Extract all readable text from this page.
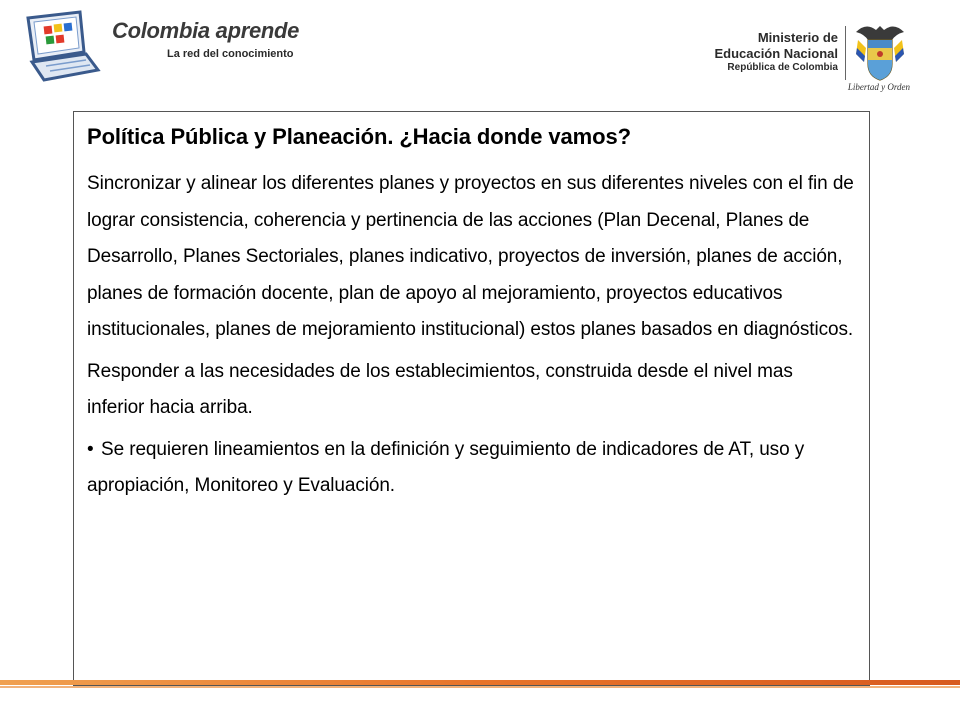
Colombia aprende
La red del conocimiento
Ministerio de
Educación Nacional
República de Colombia
Libertad y Orden
Política Pública y Planeación. ¿Hacia donde vamos?

Sincronizar y alinear los diferentes planes y proyectos en sus diferentes niveles con el fin de lograr consistencia, coherencia y pertinencia de las acciones (Plan Decenal, Planes de Desarrollo, Planes Sectoriales, planes indicativo, proyectos de inversión, planes de acción, planes de formación docente, plan de apoyo al mejoramiento, proyectos educativos institucionales, planes de mejoramiento institucional) estos planes basados en diagnósticos.

Responder a las necesidades de los establecimientos, construida desde el nivel mas inferior hacia arriba.

• Se requieren lineamientos en la definición y seguimiento de indicadores de AT, uso y apropiación, Monitoreo y Evaluación.
